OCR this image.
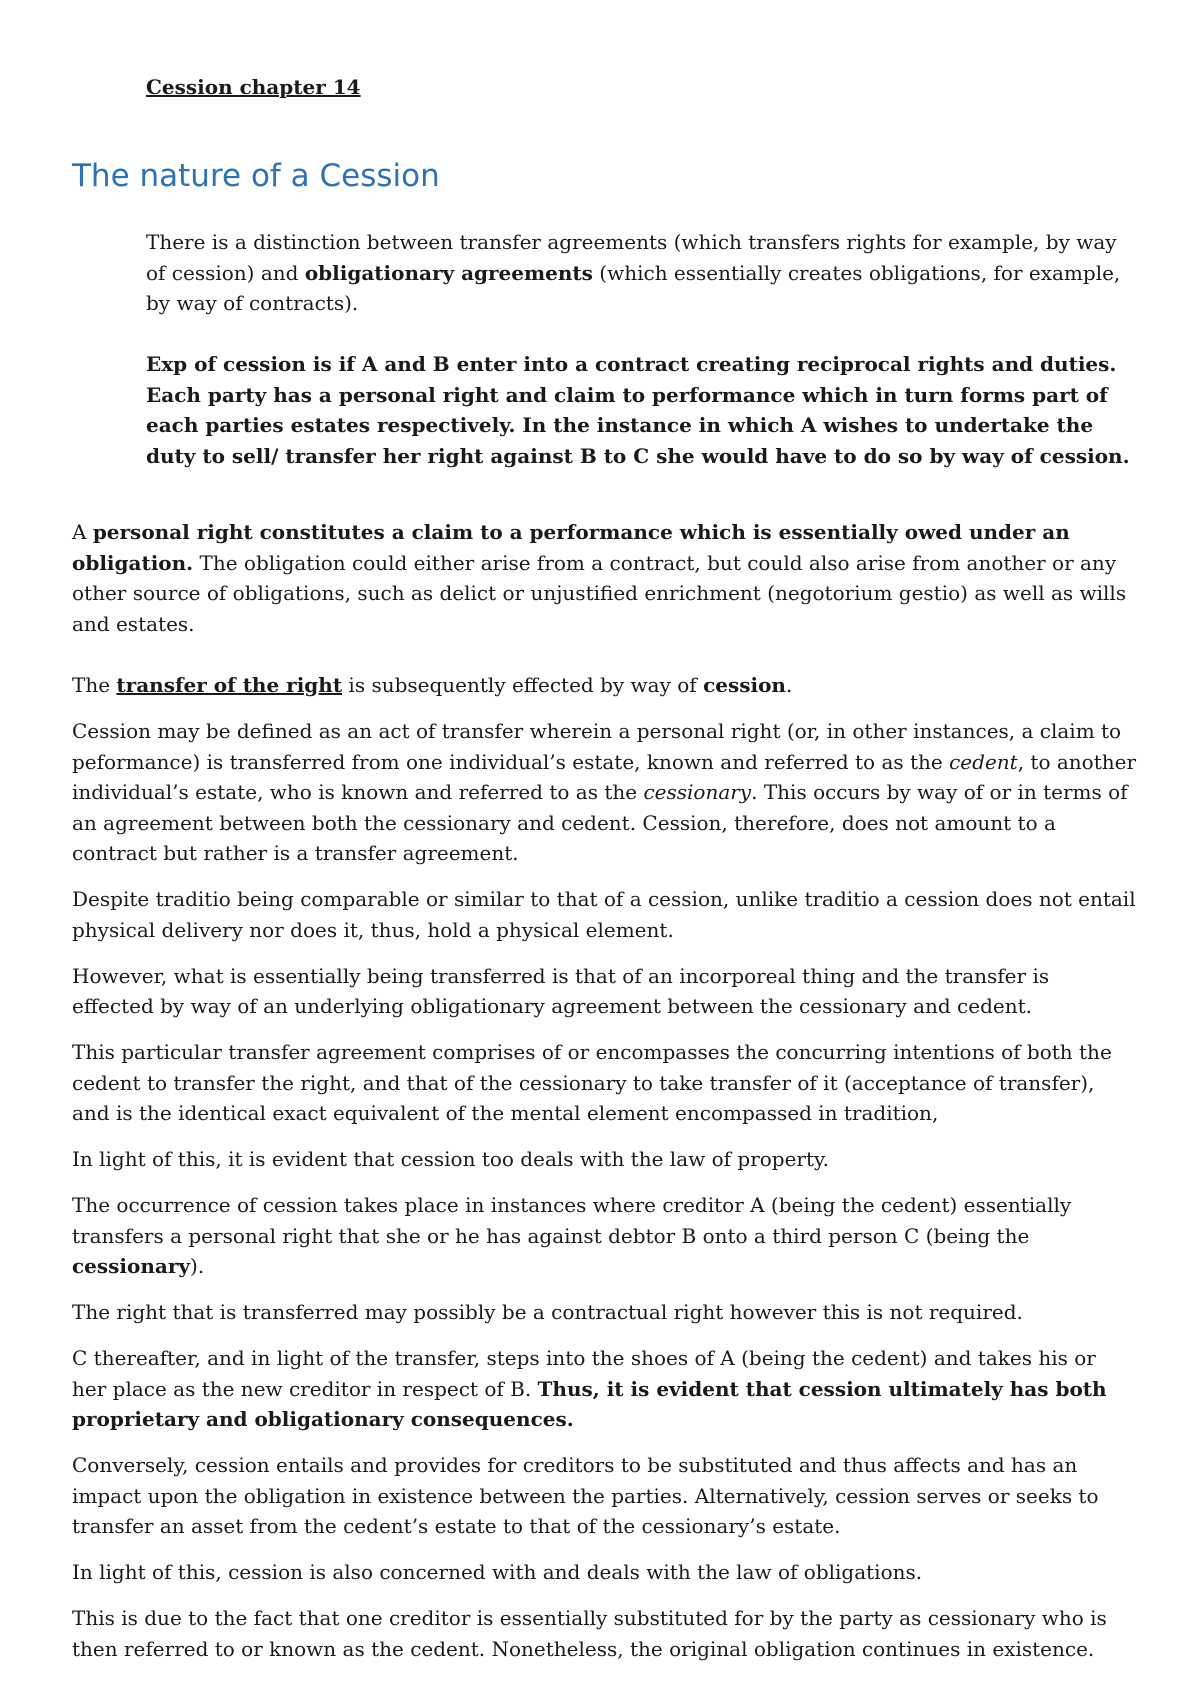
Cession chapter 14

The nature of a Cession

There is a distinction between transfer agreements (which transfers rights for example, by way of cession) and obligationary agreements (which essentially creates obligations, for example, by way of contracts).

Exp of cession is if A and B enter into a contract creating reciprocal rights and duties. Each party has a personal right and claim to performance which in turn forms part of each parties estates respectively. In the instance in which A wishes to undertake the duty to sell/ transfer her right against B to C she would have to do so by way of cession.

A personal right constitutes a claim to a performance which is essentially owed under an obligation. The obligation could either arise from a contract, but could also arise from another or any other source of obligations, such as delict or unjustified enrichment (negotorium gestio) as well as wills and estates.

The transfer of the right is subsequently effected by way of cession.

Cession may be defined as an act of transfer wherein a personal right (or, in other instances, a claim to peformance) is transferred from one individual’s estate, known and referred to as the cedent, to another individual’s estate, who is known and referred to as the cessionary. This occurs by way of or in terms of an agreement between both the cessionary and cedent. Cession, therefore, does not amount to a contract but rather is a transfer agreement.

Despite traditio being comparable or similar to that of a cession, unlike traditio a cession does not entail physical delivery nor does it, thus, hold a physical element.

However, what is essentially being transferred is that of an incorporeal thing and the transfer is effected by way of an underlying obligationary agreement between the cessionary and cedent.

This particular transfer agreement comprises of or encompasses the concurring intentions of both the cedent to transfer the right, and that of the cessionary to take transfer of it (acceptance of transfer), and is the identical exact equivalent of the mental element encompassed in tradition,

In light of this, it is evident that cession too deals with the law of property.

The occurrence of cession takes place in instances where creditor A (being the cedent) essentially transfers a personal right that she or he has against debtor B onto a third person C (being the cessionary).

The right that is transferred may possibly be a contractual right however this is not required.

C thereafter, and in light of the transfer, steps into the shoes of A (being the cedent) and takes his or her place as the new creditor in respect of B. Thus, it is evident that cession ultimately has both proprietary and obligationary consequences.

Conversely, cession entails and provides for creditors to be substituted and thus affects and has an impact upon the obligation in existence between the parties. Alternatively, cession serves or seeks to transfer an asset from the cedent’s estate to that of the cessionary’s estate.

In light of this, cession is also concerned with and deals with the law of obligations.

This is due to the fact that one creditor is essentially substituted for by the party as cessionary who is then referred to or known as the cedent. Nonetheless, the original obligation continues in existence.
